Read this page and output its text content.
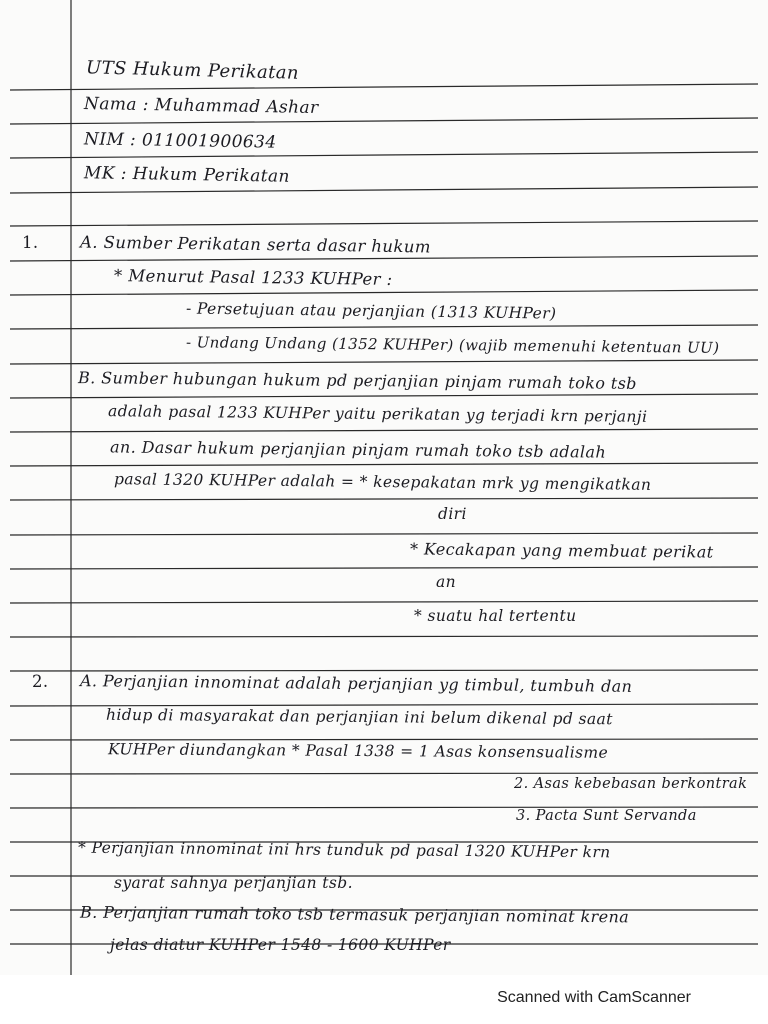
UTS Hukum Perikatan
Nama : Muhammad Ashar
NIM : 011001900634
MK : Hukum Perikatan
1.	A. Sumber Perikatan serta dasar hukum
* Menurut Pasal 1233 KUHPer :
- Persetujuan atau perjanjian (1313 KUHPer)
- Undang Undang (1352 KUHPer) (wajib memenuhi ketentuan UU)
B. Sumber hubungan hukum pd perjanjian pinjam rumah toko tsb
adalah pasal 1233 KUHPer yaitu perikatan yg terjadi krn perjanji
an. Dasar hukum perjanjian pinjam rumah toko tsb adalah
pasal 1320 KUHPer adalah = * kesepakatan mrk yg mengikatkan
diri
* Kecakapan yang membuat perikat
an
* suatu hal tertentu
2. A. Perjanjian innominat adalah perjanjian yg timbul, tumbuh dan
hidup di masyarakat dan perjanjian ini belum dikenal pd saat
KUHPer diundangkan * Pasal 1338 = 1 Asas konsensualisme
2. Asas kebebasan berkontrak
3. Pacta Sunt Servanda
* Perjanjian innominat ini hrs tunduk pd pasal 1320 KUHPer krn
syarat sahnya perjanjian tsb.
B. Perjanjian rumah toko tsb termasuk perjanjian nominat krena
jelas diatur KUHPer 1548 - 1600 KUHPer
Scanned with CamScanner
